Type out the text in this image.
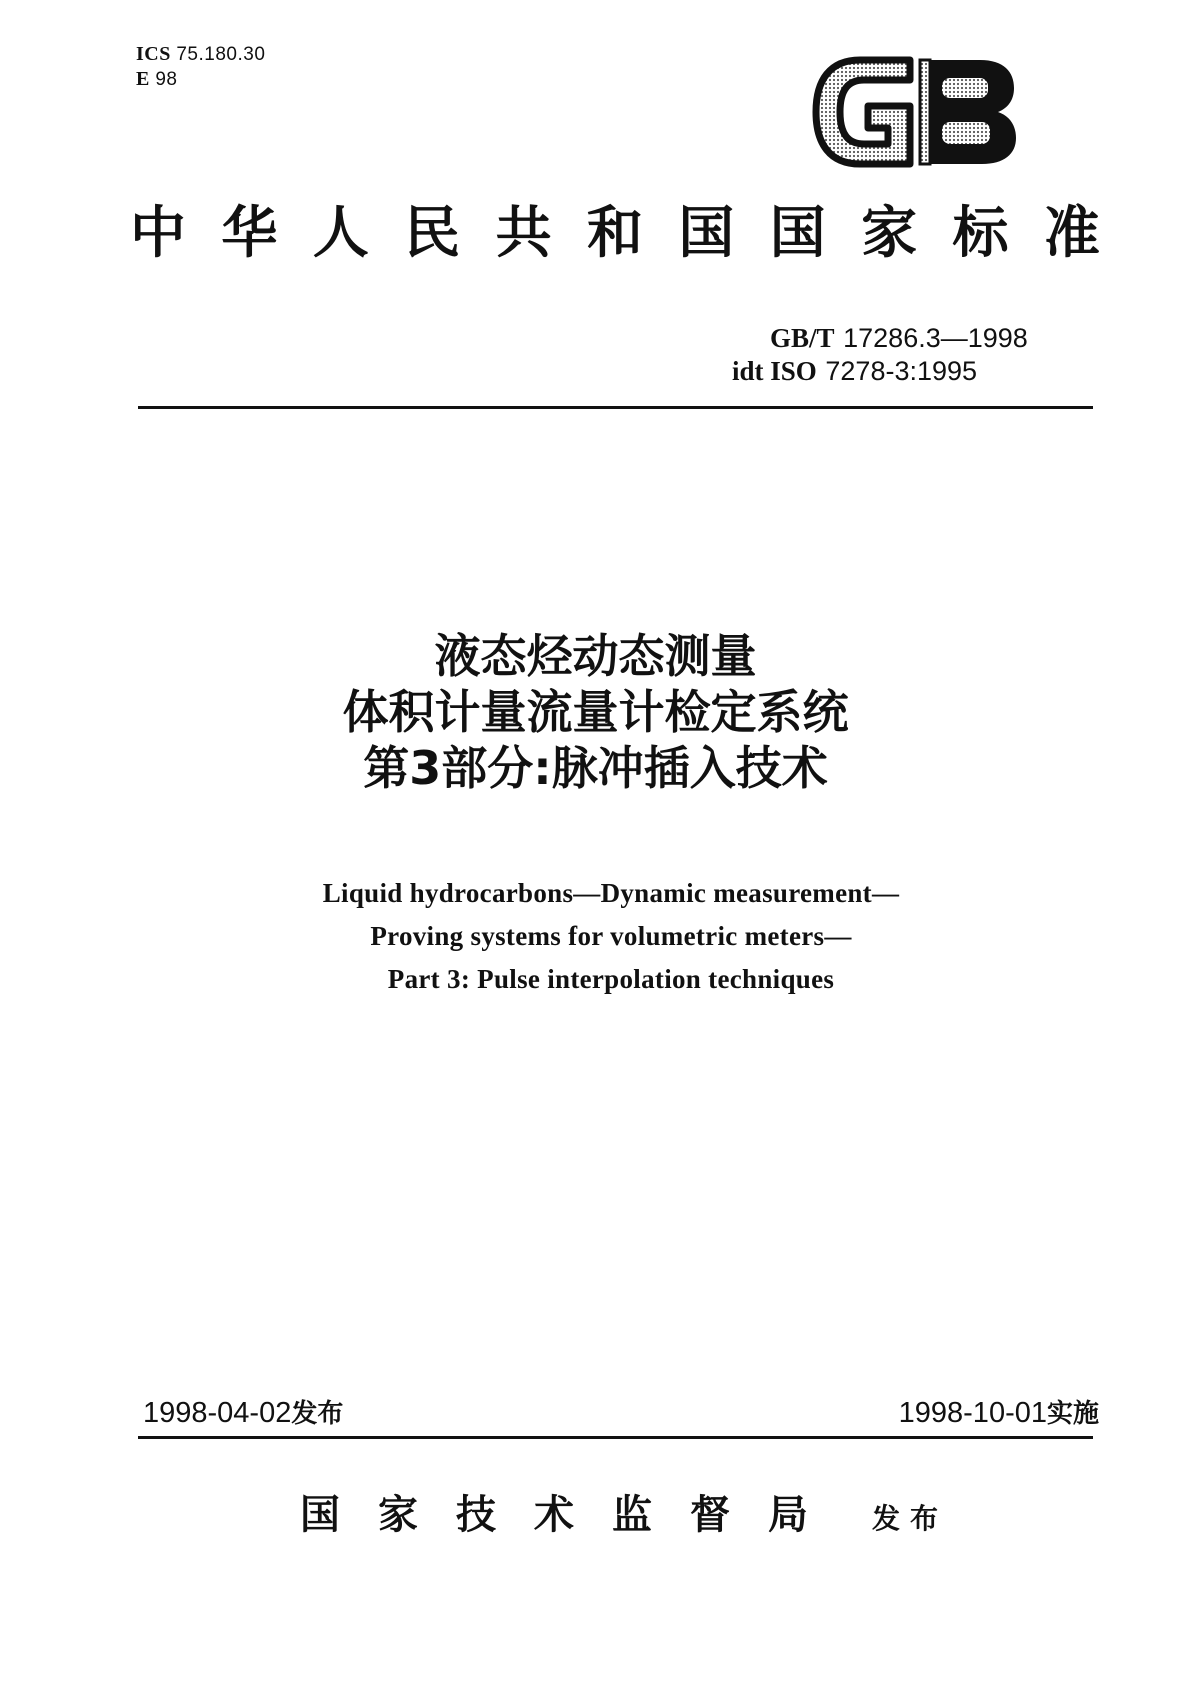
ICS 75.180.30
E 98
中 华 人 民 共 和 国 国 家 标 准
GB/T 17286.3—1998
idt ISO 7278-3:1995
液态烃动态测量
体积计量流量计检定系统
第3部分:脉冲插入技术
Liquid hydrocarbons—Dynamic measurement—
Proving systems for volumetric meters—
Part 3: Pulse interpolation techniques
1998-04-02发布	1998-10-01实施
国家技术监督局 发布
